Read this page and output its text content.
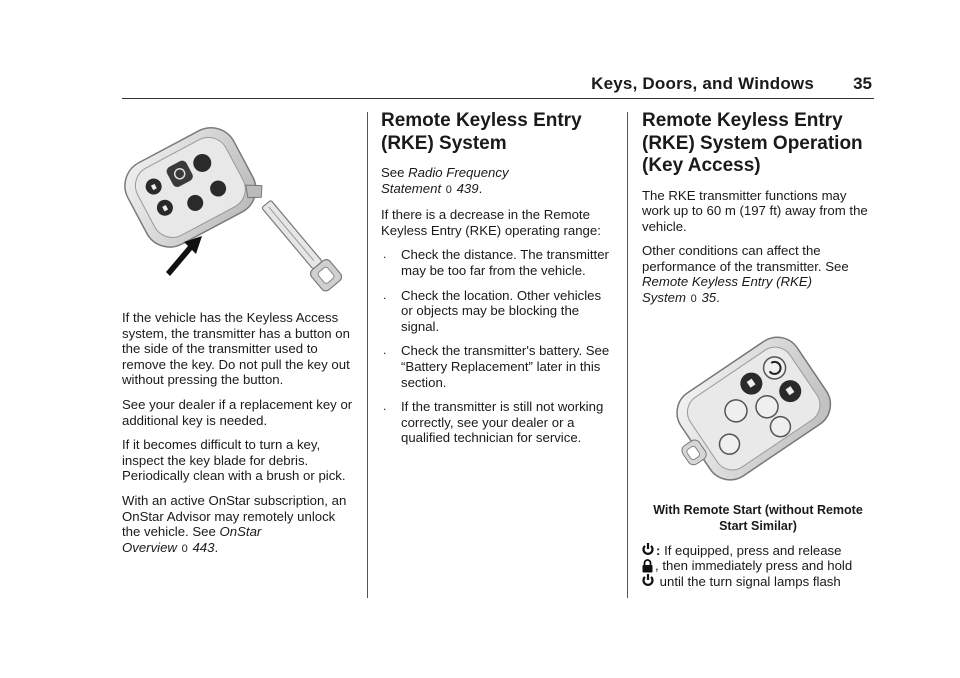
Keys, Doors, and Windows 35

If the vehicle has the Keyless Access system, the transmitter has a button on the side of the transmitter used to remove the key. Do not pull the key out without pressing the button.

See your dealer if a replacement key or additional key is needed.

If it becomes difficult to turn a key, inspect the key blade for debris. Periodically clean with a brush or pick.

With an active OnStar subscription, an OnStar Advisor may remotely unlock the vehicle. See OnStar Overview 0 443.

Remote Keyless Entry (RKE) System

See Radio Frequency Statement 0 439.

If there is a decrease in the Remote Keyless Entry (RKE) operating range:

. Check the distance. The transmitter may be too far from the vehicle.
. Check the location. Other vehicles or objects may be blocking the signal.
. Check the transmitter's battery. See “Battery Replacement” later in this section.
. If the transmitter is still not working correctly, see your dealer or a qualified technician for service.
Remote Keyless Entry (RKE) System Operation (Key Access)

The RKE transmitter functions may work up to 60 m (197 ft) away from the vehicle.

Other conditions can affect the performance of the transmitter. See Remote Keyless Entry (RKE) System 0 35.

With Remote Start (without Remote Start Similar)

: If equipped, press and release
, then immediately press and hold
until the turn signal lamps flash
